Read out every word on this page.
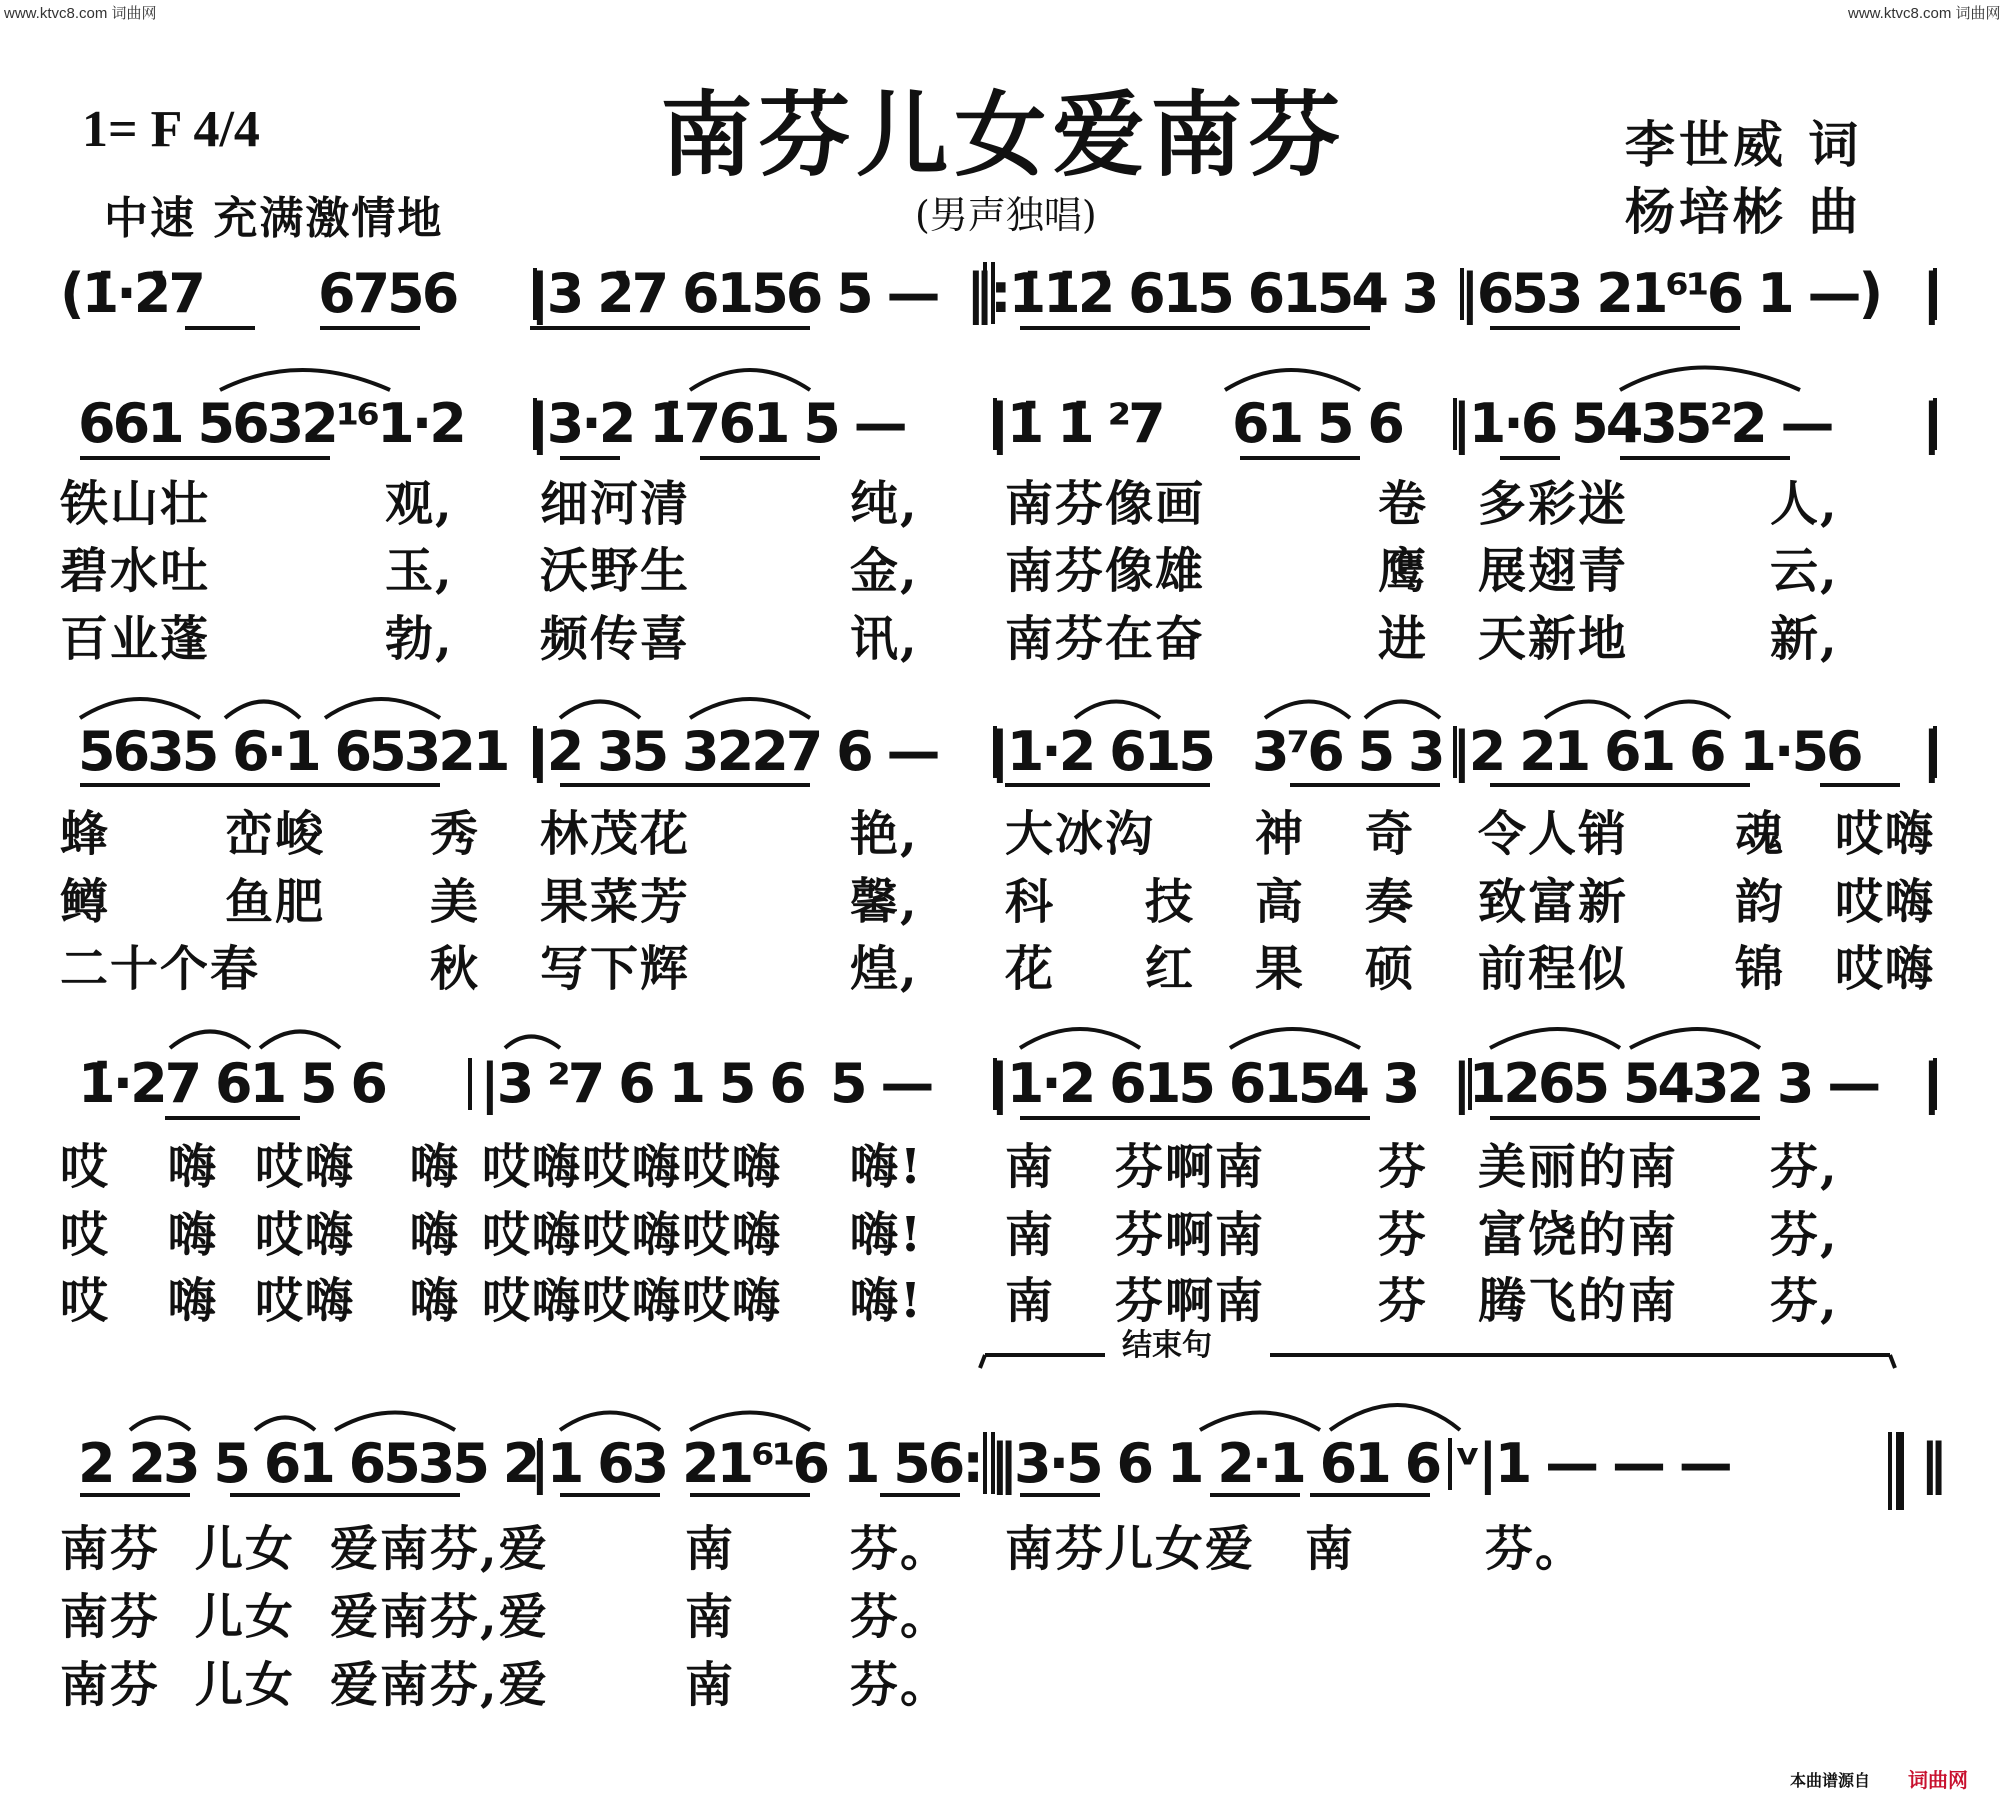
www.ktvc8.com 词曲网	www.ktvc8.com 词曲网
南芬儿女爱南芬
1= F 4/4
中速 充满激情地	(男声独唱)
李世威 词
杨培彬 曲
(1̇·2̇7 6756 |3 2̇7 6156 5 — ‖:1̇1̇2̇ 615 6154 3 |653 21⁶¹6 1 —) |
661 5632¹⁶1·2 |3·2 1̇761 5 — |1̇ 1̇ ²7 61 5 6 |1·6 5435²2 — |
铁山壮	观, 细河清	纯, 南芬像画	卷 多彩迷	人,
碧水吐	玉, 沃野生	金, 南芬像雄	鹰 展翅青	云,
百业蓬	勃, 频传喜	讯, 南芬在奋	进 天新地	新,
5635 6·1 65321 |2 35 3227 6 — |1·2 615 3⁷6 5 3 |2 21 61 6 1·56 |
蜂 峦峻 秀 林茂花	艳, 大冰沟 神 奇 令人销 魂 哎嗨
鳟 鱼肥 美 果菜芳	馨, 科 技 高 奏 致富新 韵 哎嗨
二十个春	秋 写下辉	煌, 花 红 果 硕 前程似 锦 哎嗨
1̇·27 61 5 6 |3 ²7 6 1 5 6 5 — |1·2 615 6154 3 |1265 5432 3 — |
哎 嗨 哎嗨 嗨 哎嗨哎嗨哎嗨 嗨! 南 芬啊南 芬 美丽的南 芬,
哎 嗨 哎嗨 嗨 哎嗨哎嗨哎嗨 嗨! 南 芬啊南 芬 富饶的南 芬,
哎 嗨 哎嗨 嗨 哎嗨哎嗨哎嗨 嗨! 南 芬啊南 芬 腾飞的南 芬,
结束句
2 23 5 61 6535 2
|1 63 21⁶¹6 1 56: ‖3·5 6 1 2·1 61 6 ᵛ|1 — — —	‖
南芬 儿女 爱南 芬,爱	南 芬。 南芬儿女爱 南	芬。
南芬 儿女 爱南 芬,爱	南 芬。
南芬 儿女 爱南 芬,爱	南 芬。
本曲谱源自 词曲网
